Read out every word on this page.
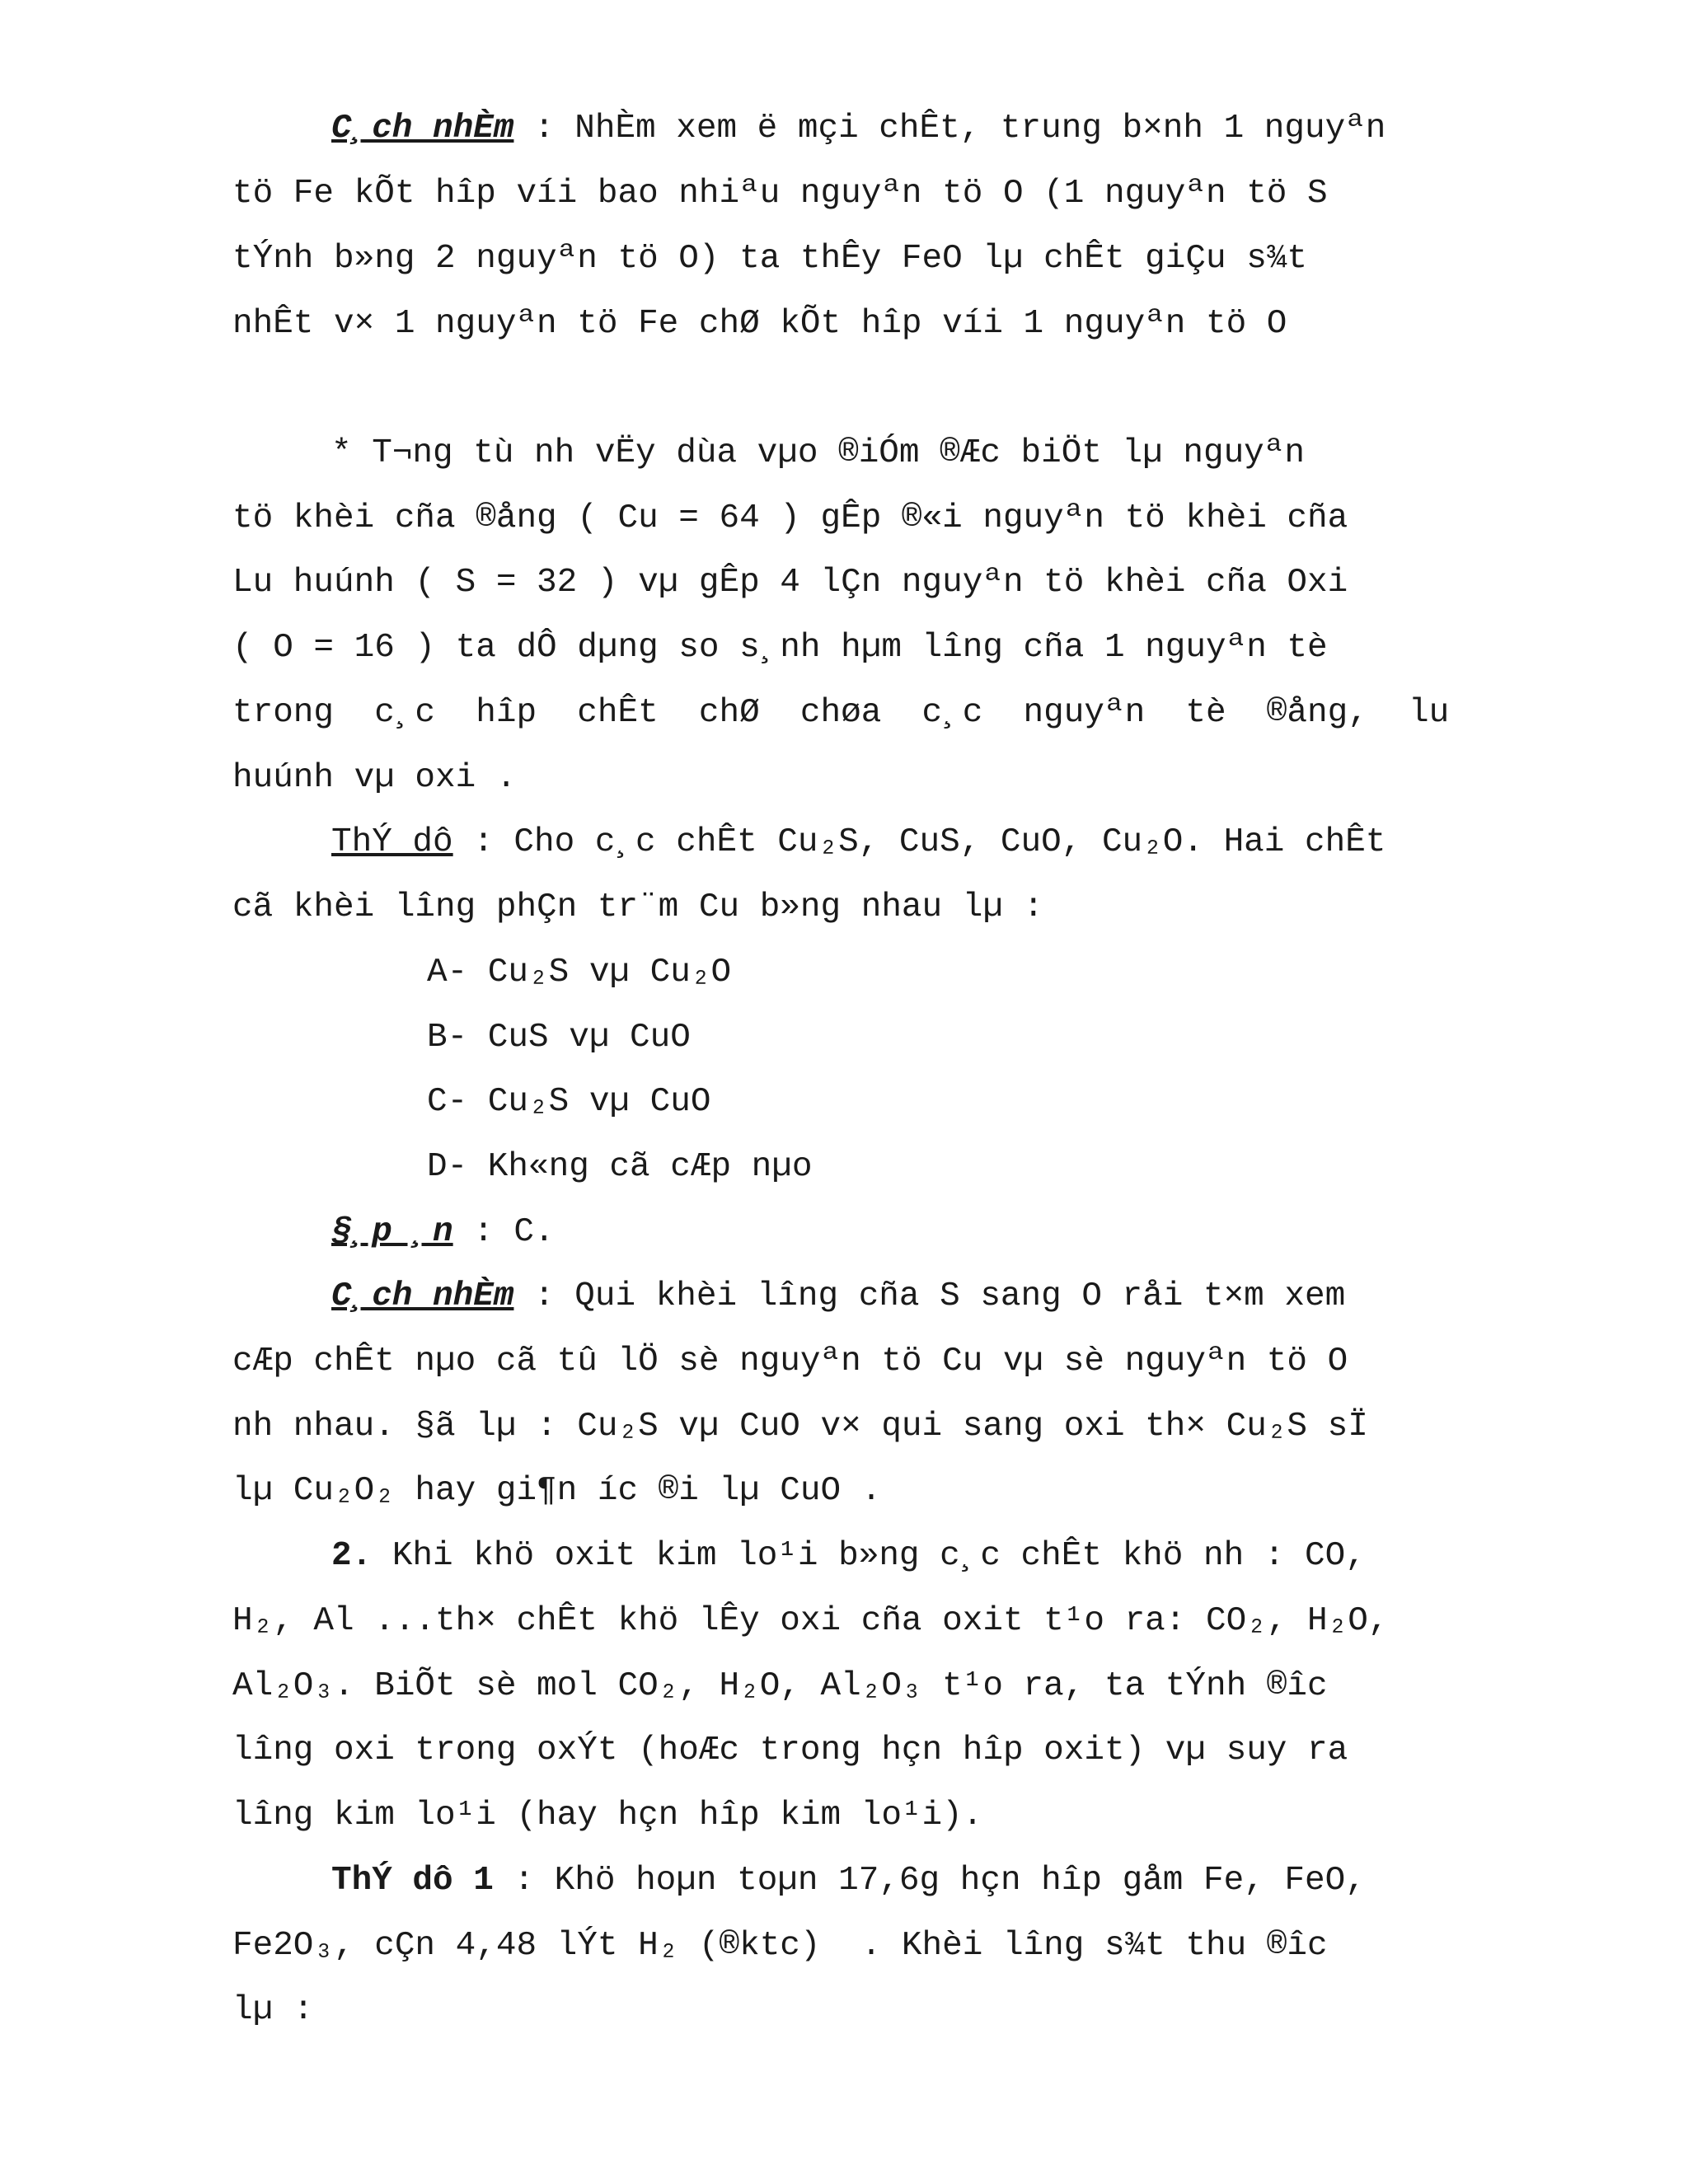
C¸ch nhÈm : NhÈm xem ë mçi chÊt, trung b×nh 1 nguyªn
tö Fe kÕt hîp víi bao nhiªu nguyªn tö O (1 nguyªn tö S
tÝnh b»ng 2 nguyªn tö O) ta thÊy FeO lµ chÊt giÇu s¾t
nhÊt v× 1 nguyªn tö Fe chØ kÕt hîp víi 1 nguyªn tö O
* T¬ng tù nh vËy dùa vµo ®iÓm ®Æc biÖt lµ nguyªn
tö khèi cña ®ång ( Cu = 64 ) gÊp ®«i nguyªn tö khèi cña
Lu huúnh ( S = 32 ) vµ gÊp 4 lÇn nguyªn tö khèi cña Oxi
( O = 16 ) ta dÔ dµng so s¸nh hµm lîng cña 1 nguyªn tè
trong  c¸c  hîp  chÊt  chØ  chøa  c¸c  nguyªn  tè  ®ång,  lu
huúnh vµ oxi .
ThÝ dô : Cho c¸c chÊt Cu₂S, CuS, CuO, Cu₂O. Hai chÊt
cã khèi lîng phÇn tr¨m Cu b»ng nhau lµ :
A- Cu₂S vµ Cu₂O
B- CuS vµ CuO
C- Cu₂S vµ CuO
D- Kh«ng cã cÆp nµo
§¸p ¸n : C.
C¸ch nhÈm : Qui khèi lîng cña S sang O råi t×m xem
cÆp chÊt nµo cã tû lÖ sè nguyªn tö Cu vµ sè nguyªn tö O
nh nhau. §ã lµ : Cu₂S vµ CuO v× qui sang oxi th× Cu₂S sÏ
lµ Cu₂O₂ hay gi¶n íc ®i lµ CuO .
2. Khi khö oxit kim lo¹i b»ng c¸c chÊt khö nh : CO,
H₂, Al ...th× chÊt khö lÊy oxi cña oxit t¹o ra: CO₂, H₂O,
Al₂O₃. BiÕt sè mol CO₂, H₂O, Al₂O₃ t¹o ra, ta tÝnh ®îc
lîng oxi trong oxÝt (hoÆc trong hçn hîp oxit) vµ suy ra
lîng kim lo¹i (hay hçn hîp kim lo¹i).
ThÝ dô 1 : Khö hoµn toµn 17,6g hçn hîp gåm Fe, FeO,
Fe2O₃, cÇn 4,48 lÝt H₂ (®ktc)  . Khèi lîng s¾t thu ®îc
lµ :
